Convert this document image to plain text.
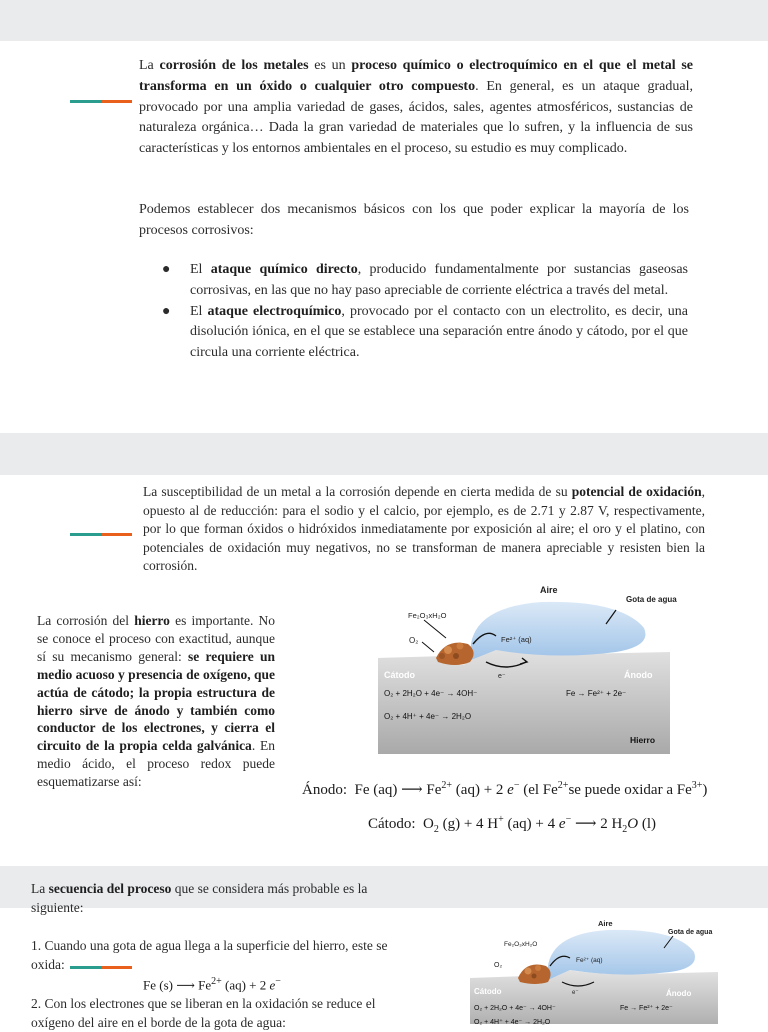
La corrosión de los metales es un proceso químico o electroquímico en el que el metal se transforma en un óxido o cualquier otro compuesto. En general, es un ataque gradual, provocado por una amplia variedad de gases, ácidos, sales, agentes atmosféricos, sustancias de naturaleza orgánica… Dada la gran variedad de materiales que lo sufren, y la influencia de sus características y los entornos ambientales en el proceso, su estudio es muy complicado.
Podemos establecer dos mecanismos básicos con los que poder explicar la mayoría de los procesos corrosivos:
● El ataque químico directo, producido fundamentalmente por sustancias gaseosas corrosivas, en las que no hay paso apreciable de corriente eléctrica a través del metal.
● El ataque electroquímico, provocado por el contacto con un electrolito, es decir, una disolución iónica, en el que se establece una separación entre ánodo y cátodo, por el que circula una corriente eléctrica.
La susceptibilidad de un metal a la corrosión depende en cierta medida de su potencial de oxidación, opuesto al de reducción: para el sodio y el calcio, por ejemplo, es de 2.71 y 2.87 V, respectivamente, por lo que forman óxidos o hidróxidos inmediatamente por exposición al aire; el oro y el platino, con potenciales de oxidación muy negativos, no se transforman de manera apreciable y resisten bien la corrosión.
La corrosión del hierro es importante. No se conoce el proceso con exactitud, aunque sí su mecanismo general: se requiere un medio acuoso y presencia de oxígeno, que actúa de cátodo; la propia estructura de hierro sirve de ánodo y también como conductor de los electrones, y cierra el circuito de la propia celda galvánica. En medio ácido, el proceso redox puede esquematizarse así:
Aire
Gota de agua
Fe₂O₃xH₂O
O₂	Fe²⁺ (aq)
e⁻
Cátodo	Ánodo
O₂ + 2H₂O + 4e⁻ → 4OH⁻
O₂ + 4H⁺ + 4e⁻ → 2H₂O
Fe → Fe²⁺ + 2e⁻
Hierro
Ánodo: Fe (aq) ⟶ $Fe^{2+}$ (aq) + 2 e− (el $Fe^{2+}se$ puede oxidar a $Fe^{3+}$)
Cátodo: $O_2$ (g) + 4 H+ (aq) + 4 e− ⟶ 2 $H_2O$ (l)
La secuencia del proceso que se considera más probable es la siguiente:
1. Cuando una gota de agua llega a la superficie del hierro, este se oxida:
Fe (s) ⟶ $Fe^{2+}$ (aq) + 2 e−
2. Con los electrones que se liberan en la oxidación se reduce el oxígeno del aire en el borde de la gota de agua:
Aire
Gota de agua
Fe₂O₃xH₂O
O₂
Fe²⁺ (aq)
e⁻
Cátodo	Ánodo
O₂ + 2H₂O + 4e⁻ → 4OH⁻
O₂ + 4H⁺ + 4e⁻ → 2H₂O
Fe → Fe²⁺ + 2e⁻
